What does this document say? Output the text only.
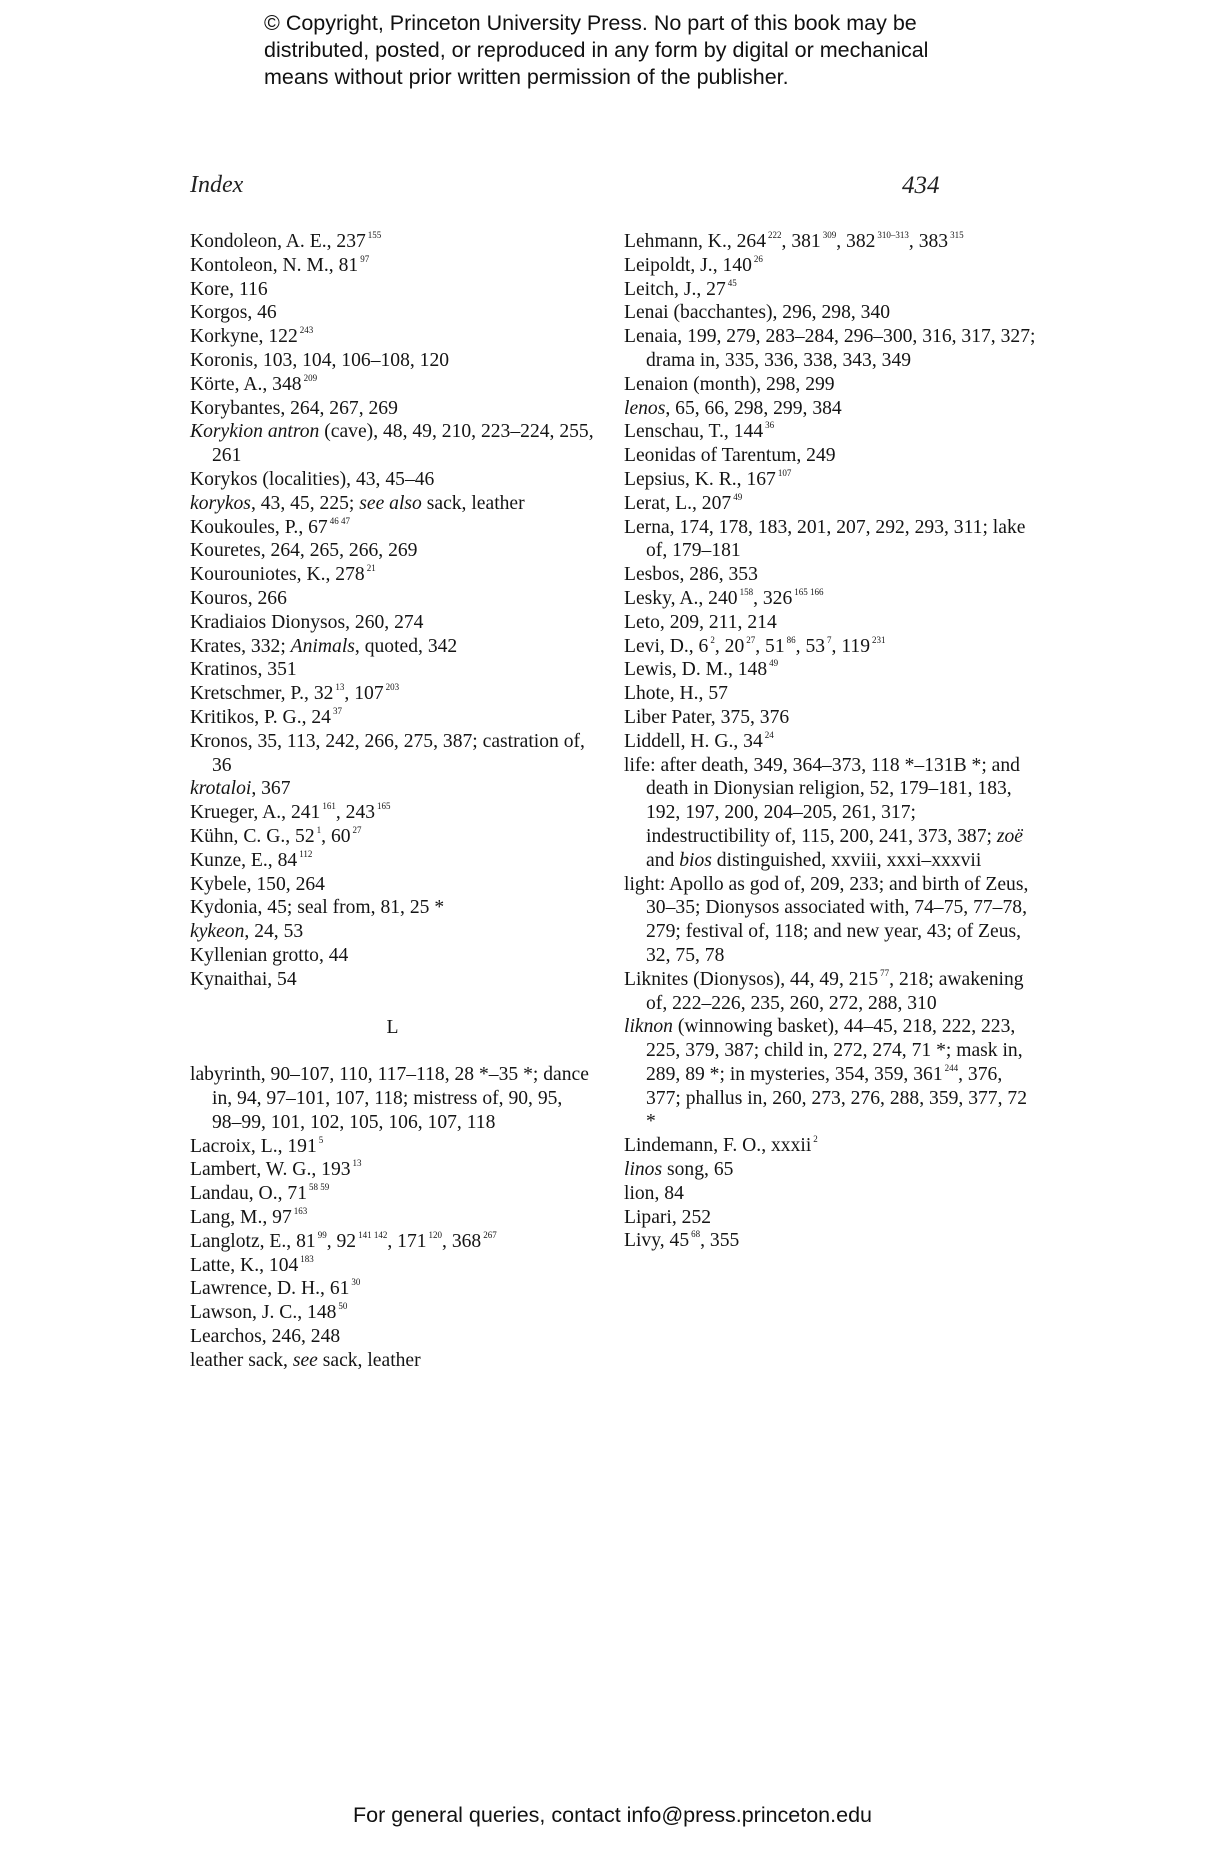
© Copyright, Princeton University Press. No part of this book may be
distributed, posted, or reproduced in any form by digital or mechanical
means without prior written permission of the publisher.
Index	434
Kondoleon, A. E., 237 $^{155}$
Kontoleon, N. M., 81 $^{97}$
Kore, 116
Korgos, 46
Korkyne, 122 $^{243}$
Koronis, 103, 104, 106–108, 120
Körte, A., 348 $^{209}$
Korybantes, 264, 267, 269
Korykion antron (cave), 48, 49, 210, 223–224, 255, 261
Korykos (localities), 43, 45–46
korykos, 43, 45, 225; see also sack, leather
Koukoules, P., 67 $^{46 47}$
Kouretes, 264, 265, 266, 269
Kourouniotes, K., 278 $^{21}$
Kouros, 266
Kradiaios Dionysos, 260, 274
Krates, 332; Animals, quoted, 342
Kratinos, 351
Kretschmer, P., 32 $^{13}$, 107 $^{203}$
Kritikos, P. G., 24 $^{37}$
Kronos, 35, 113, 242, 266, 275, 387; castration of, 36
krotaloi, 367
Krueger, A., 241 $^{161}$, 243 $^{165}$
Kühn, C. G., 52 $^1$, 60 $^{27}$
Kunze, E., 84 $^{112}$
Kybele, 150, 264
Kydonia, 45; seal from, 81, 25 *
kykeon, 24, 53
Kyllenian grotto, 44
Kynaithai, 54
L
labyrinth, 90–107, 110, 117–118, 28 *–35 *; dance in, 94, 97–101, 107, 118; mistress of, 90, 95, 98–99, 101, 102, 105, 106, 107, 118
Lacroix, L., 191 $^5$
Lambert, W. G., 193 $^{13}$
Landau, O., 71 $^{58 59}$
Lang, M., 97 $^{163}$
Langlotz, E., 81 $^{99}$, 92 $^{141 142}$, 171 $^{120}$, 368 $^{267}$
Latte, K., 104 $^{183}$
Lawrence, D. H., 61 $^{30}$
Lawson, J. C., 148 $^{50}$
Learchos, 246, 248
leather sack, see sack, leather
Lehmann, K., 264 $^{222}$, 381 $^{309}$, 382 $^{310-313}$, 383 $^{315}$
Leipoldt, J., 140 $^{26}$
Leitch, J., 27 $^{45}$
Lenai (bacchantes), 296, 298, 340
Lenaia, 199, 279, 283–284, 296–300, 316, 317, 327; drama in, 335, 336, 338, 343, 349
Lenaion (month), 298, 299
lenos, 65, 66, 298, 299, 384
Lenschau, T., 144 $^{36}$
Leonidas of Tarentum, 249
Lepsius, K. R., 167 $^{107}$
Lerat, L., 207 $^{49}$
Lerna, 174, 178, 183, 201, 207, 292, 293, 311; lake of, 179–181
Lesbos, 286, 353
Lesky, A., 240 $^{158}$, 326 $^{165 166}$
Leto, 209, 211, 214
Levi, D., 6 $^2$, 20 $^{27}$, 51 $^{86}$, 53 $^7$, 119 $^{231}$
Lewis, D. M., 148 $^{49}$
Lhote, H., 57
Liber Pater, 375, 376
Liddell, H. G., 34 $^{24}$
life: after death, 349, 364–373, 118 *–131B *; and death in Dionysian religion, 52, 179–181, 183, 192, 197, 200, 204–205, 261, 317; indestructibility of, 115, 200, 241, 373, 387; zoë and bios distinguished, xxviii, xxxi–xxxvii
light: Apollo as god of, 209, 233; and birth of Zeus, 30–35; Dionysos associated with, 74–75, 77–78, 279; festival of, 118; and new year, 43; of Zeus, 32, 75, 78
Liknites (Dionysos), 44, 49, 215 $^{77}$, 218; awakening of, 222–226, 235, 260, 272, 288, 310
liknon (winnowing basket), 44–45, 218, 222, 223, 225, 379, 387; child in, 272, 274, 71 *; mask in, 289, 89 *; in mysteries, 354, 359, 361 $^{244}$, 376, 377; phallus in, 260, 273, 276, 288, 359, 377, 72 *
Lindemann, F. O., xxxii $^2$
linos song, 65
lion, 84
Lipari, 252
Livy, 45 $^{68}$, 355
For general queries, contact info@press.princeton.edu
